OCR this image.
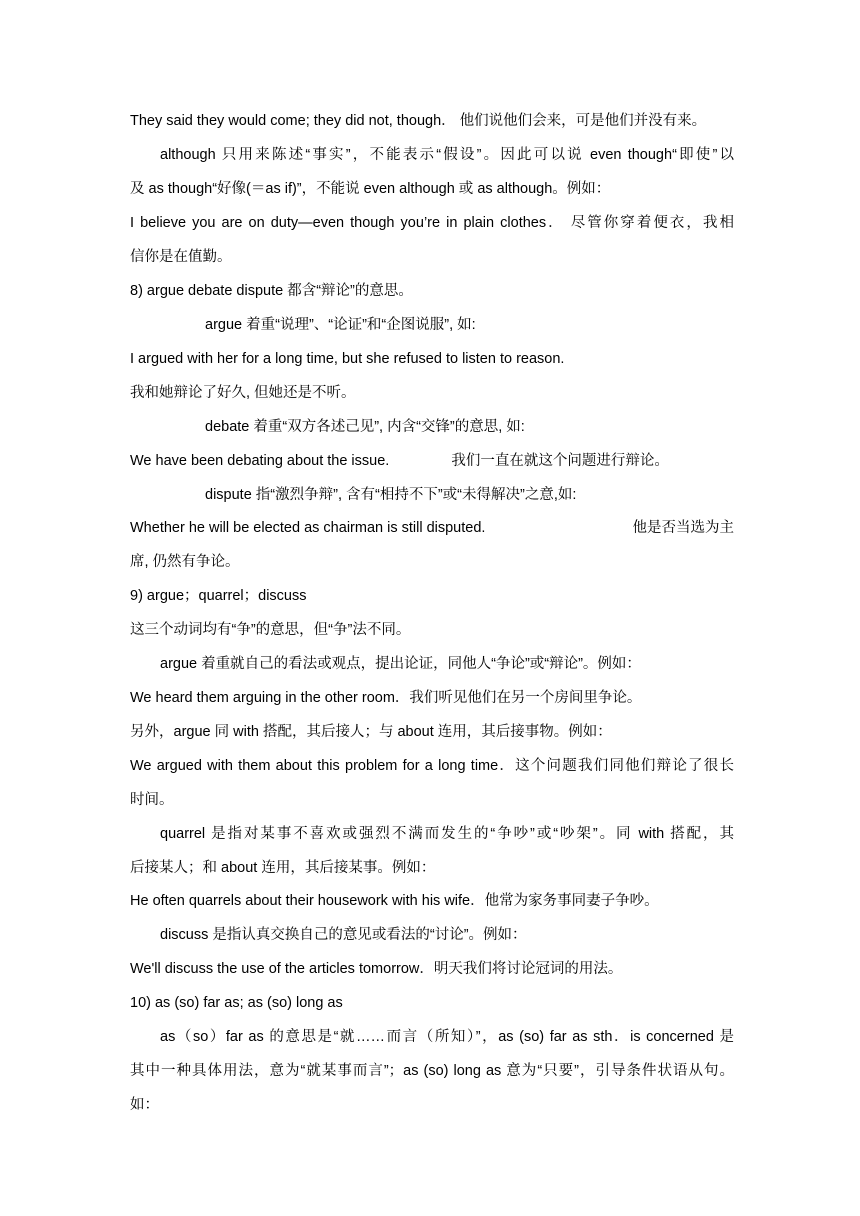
They said they would come; they did not, though． 他们说他们会来，可是他们并没有来。
although 只用来陈述“事实”，不能表示“假设”。因此可以说 even though“即使”以
及 as though“好像(＝as if)”，不能说 even although 或 as although。例如：
I believe you are on duty—even though you’re in plain clothes． 尽管你穿着便衣，我相
信你是在值勤。
8) argue debate dispute 都含“辩论”的意思。
argue 着重“说理”、“论证”和“企图说服”, 如:
I argued with her for a long time, but she refused to listen to reason.
我和她辩论了好久, 但她还是不听。
debate 着重“双方各述己见”, 内含“交锋”的意思, 如:
We have been debating about the issue.	我们一直在就这个问题进行辩论。
dispute 指“激烈争辩”, 含有“相持不下”或“未得解决”之意,如:
Whether he will be elected as chairman is still disputed.	他是否当选为主
席, 仍然有争论。
9) argue；quarrel；discuss
这三个动词均有“争”的意思，但“争”法不同。
argue 着重就自己的看法或观点，提出论证，同他人“争论”或“辩论”。例如：
We heard them arguing in the other room．我们听见他们在另一个房间里争论。
另外，argue 同 with 搭配，其后接人；与 about 连用，其后接事物。例如：
We argued with them about this problem for a long time．这个问题我们同他们辩论了很长
时间。
quarrel 是指对某事不喜欢或强烈不满而发生的“争吵”或“吵架”。同 with 搭配，其
后接某人；和 about 连用，其后接某事。例如：
He often quarrels about their housework with his wife．他常为家务事同妻子争吵。
discuss 是指认真交换自己的意见或看法的“讨论”。例如：
We'll discuss the use of the articles tomorrow．明天我们将讨论冠词的用法。
10) as (so) far as; as (so) long as
as（so）far as 的意思是“就……而言（所知）”，as (so) far as sth．is concerned 是
其中一种具体用法，意为“就某事而言”；as (so) long as 意为“只要”，引导条件状语从句。
如：
